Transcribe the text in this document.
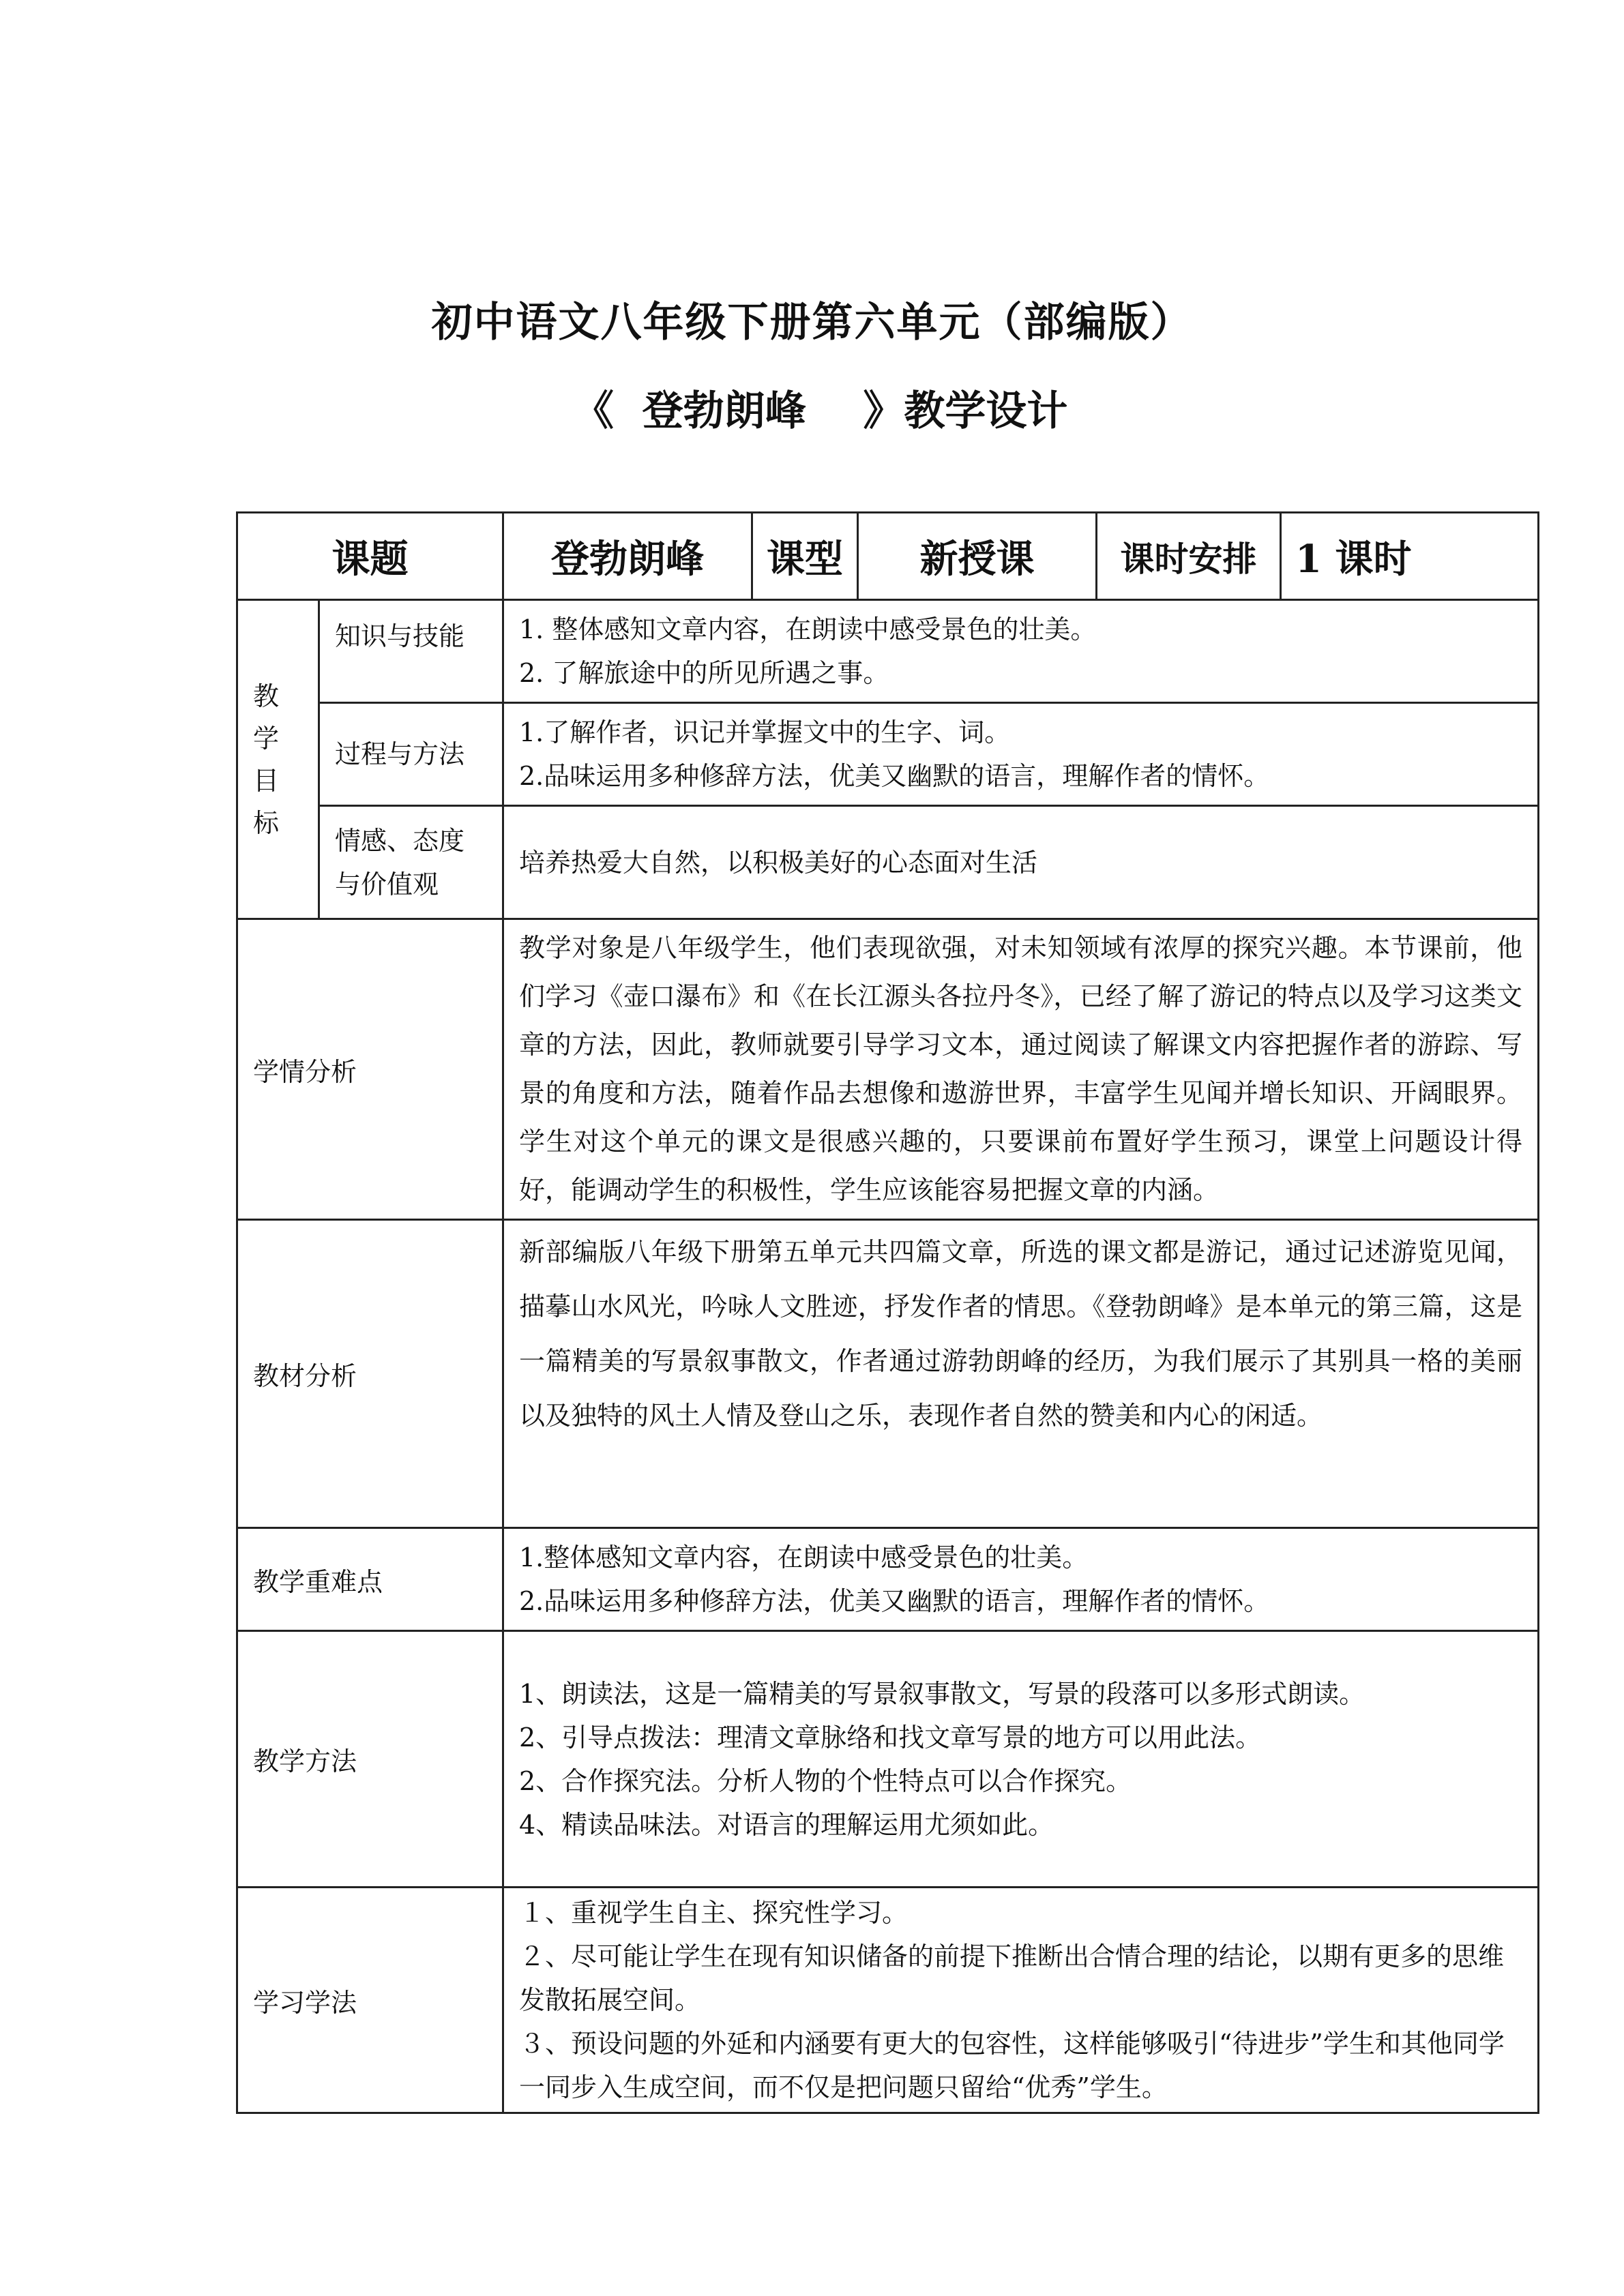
初中语文八年级下册第六单元（部编版）
《  登勃朗峰    》教学设计
课题		登勃朗峰	课型	新授课	课时安排	1 课时

教
学
目
标	知识与技能	1. 整体感知文章内容，在朗读中感受景色的壮美。
2. 了解旅途中的所见所遇之事。				

	过程与方法	1.了解作者，识记并掌握文中的生字、词。
2.品味运用多种修辞方法，优美又幽默的语言，理解作者的情怀。				

	情感、态度
与价值观	培养热爱大自然，以积极美好的心态面对生活				
学情分析		教学对象是八年级学生，他们表现欲强，对未知领域有浓厚的探究兴趣。本节课前，他们学习《壶口瀑布》和《在长江源头各拉丹冬》，已经了解了游记的特点以及学习这类文章的方法，因此，教师就要引导学习文本，通过阅读了解课文内容把握作者的游踪、写景的角度和方法，随着作品去想像和遨游世界，丰富学生见闻并增长知识、开阔眼界。学生对这个单元的课文是很感兴趣的，只要课前布置好学生预习，课堂上问题设计得好，能调动学生的积极性，学生应该能容易把握文章的内涵。				
教材分析		新部编版八年级下册第五单元共四篇文章，所选的课文都是游记，通过记述游览见闻，描摹山水风光，吟咏人文胜迹，抒发作者的情思。《登勃朗峰》是本单元的第三篇，这是一篇精美的写景叙事散文，作者通过游勃朗峰的经历，为我们展示了其别具一格的美丽以及独特的风土人情及登山之乐，表现作者自然的赞美和内心的闲适。				
教学重难点		1.整体感知文章内容，在朗读中感受景色的壮美。
2.品味运用多种修辞方法，优美又幽默的语言，理解作者的情怀。				

教学方法		1、朗读法，这是一篇精美的写景叙事散文，写景的段落可以多形式朗读。
2、引导点拨法：理清文章脉络和找文章写景的地方可以用此法。
2、合作探究法。分析人物的个性特点可以合作探究。
4、精读品味法。对语言的理解运用尤须如此。				

学习学法		１、重视学生自主、探究性学习。
２、尽可能让学生在现有知识储备的前提下推断出合情合理的结论，以期有更多的思维发散拓展空间。
３、预设问题的外延和内涵要有更大的包容性，这样能够吸引“待进步”学生和其他同学一同步入生成空间，而不仅是把问题只留给“优秀”学生。				
